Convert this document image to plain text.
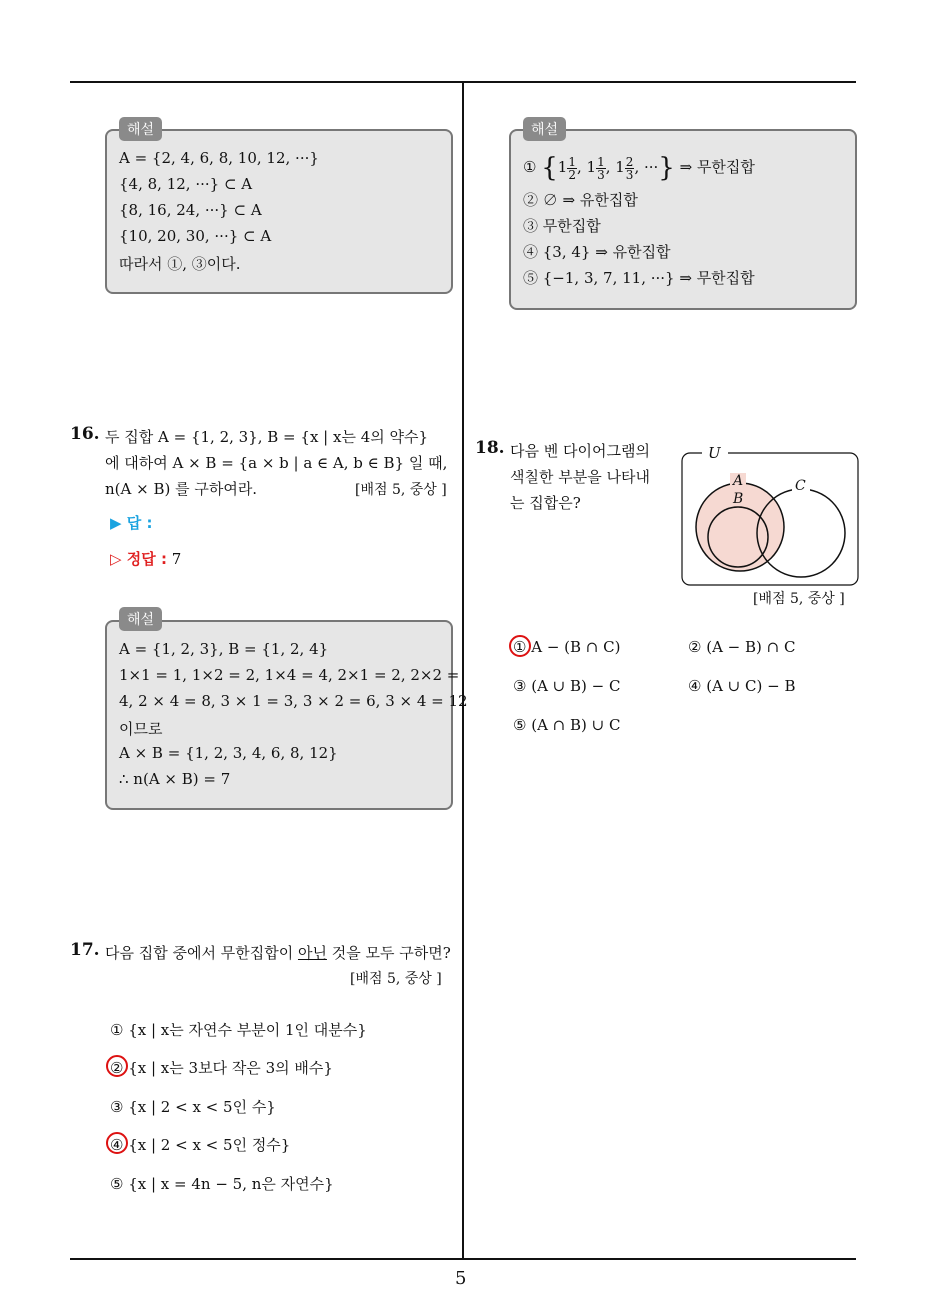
5
A = {2, 4, 6, 8, 10, 12, ···}
{4, 8, 12, ···} ⊂ A
{8, 16, 24, ···} ⊂ A
{10, 20, 30, ···} ⊂ A
따라서 ①, ③이다.
해설
① {$1 \frac{1}{2}$ , $1 \frac{1}{3}$ , $1 \frac{2}{3}$ , ···} ⇒ 무한집합
② ∅ ⇒ 유한집합
③ 무한집합
④ {3, 4} ⇒ 유한집합
⑤ {−1, 3, 7, 11, ···} ⇒ 무한집합
해설
16. 두 집합 A = {1, 2, 3}, B = {x | x는 4의 약수}
에 대하여 A × B = {a × b | a ∈ A, b ∈ B} 일 때,
n(A × B) 를 구하여라.	[배점 5, 중상 ]
▶ 답 :
▷ 정답 : 7
A = {1, 2, 3}, B = {1, 2, 4}
1×1 = 1, 1×2 = 2, 1×4 = 4, 2×1 = 2, 2×2 =
4, 2 × 4 = 8, 3 × 1 = 3, 3 × 2 = 6, 3 × 4 = 12
이므로
A × B = {1, 2, 3, 4, 6, 8, 12}
∴ n(A × B) = 7
해설
17. 다음 집합 중에서 무한집합이 아닌 것을 모두 구하면?
[배점 5, 중상 ]
① {x | x는 자연수 부분이 1인 대분수}
② {x | x는 3보다 작은 3의 배수}
③ {x | 2 < x < 5인 수}
④ {x | 2 < x < 5인 정수}
⑤ {x | x = 4n − 5, n은 자연수}
18. 다음 벤 다이어그램의
색칠한 부분을 나타내
는 집합은?
U
A
B
C
[배점 5, 중상 ]
① A − (B ∩ C)	② (A − B) ∩ C
③ (A ∪ B) − C	④ (A ∪ C) − B
⑤ (A ∩ B) ∪ C
